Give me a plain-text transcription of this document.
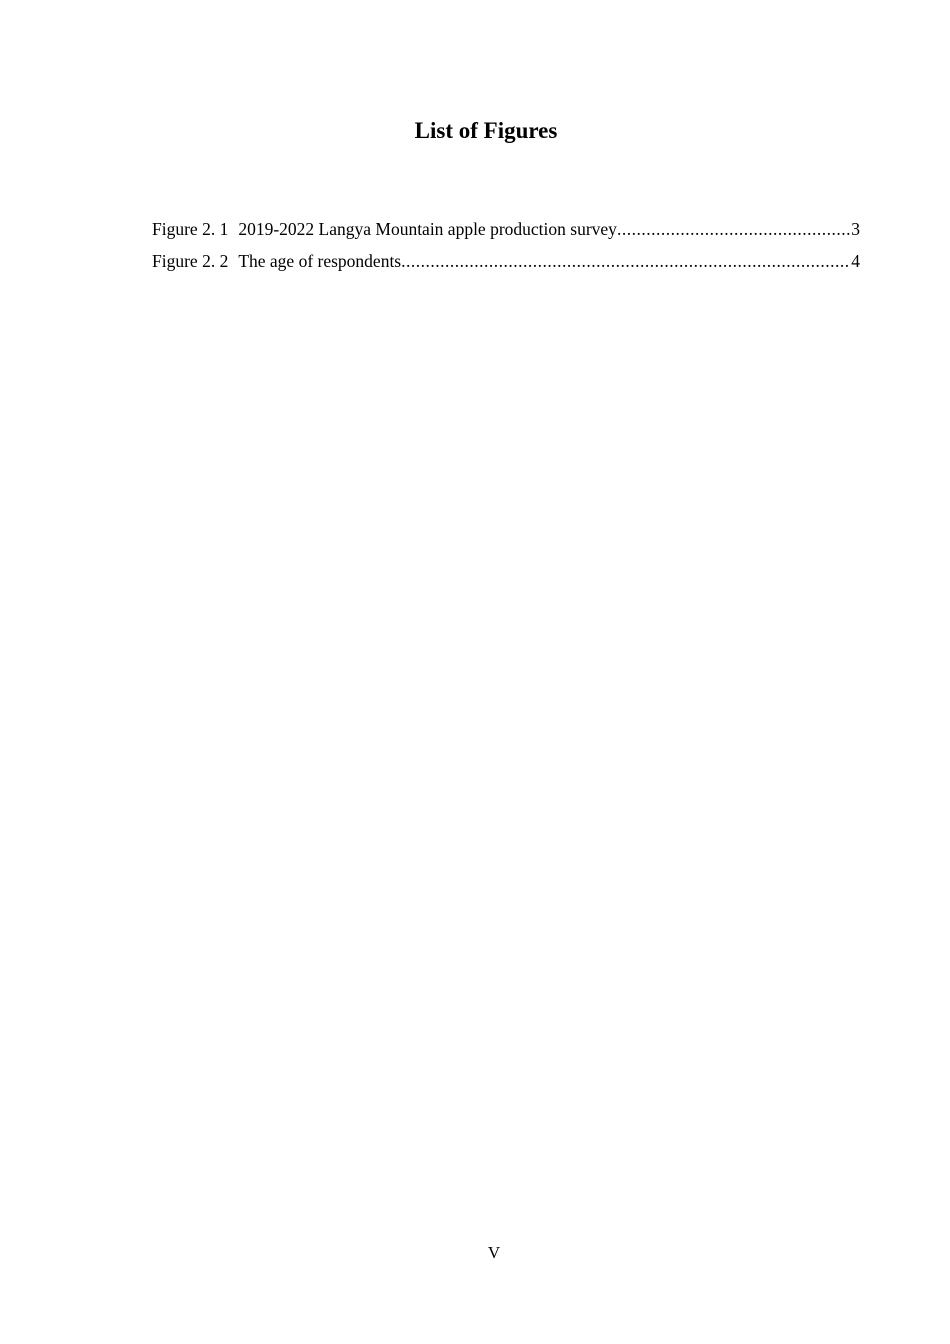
List of Figures
Figure 2. 1 2019-2022 Langya Mountain apple production survey .....	3
Figure 2. 2 The age of respondents .....	4
V
